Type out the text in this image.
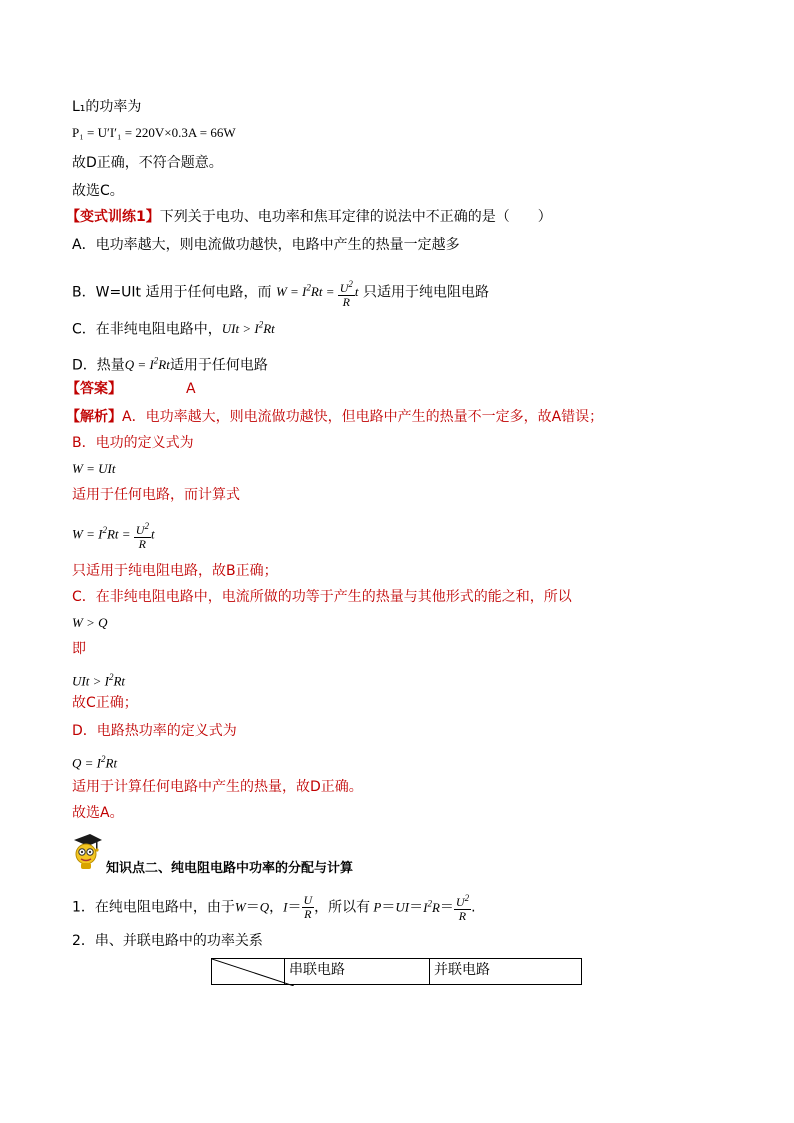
L₁的功率为
P₁ = U′I′₁ = 220V×0.3A = 66W
故D正确，不符合题意。
故选C。
【变式训练1】下列关于电功、电功率和焦耳定律的说法中不正确的是（　　）
A．电功率越大，则电流做功越快，电路中产生的热量一定越多
B．W=UIt 适用于任何电路，而 $W = I^2Rt = \frac{U^2}{R}$ t 只适用于纯电阻电路
C．在非纯电阻电路中，UIt > $I^2Rt$
D．热量$Q = I^2Rt$适用于任何电路
【答案】	A
【解析】A．电功率越大，则电流做功越快，但电路中产生的热量不一定多，故A错误；
B．电功的定义式为
W = UIt
适用于任何电路，而计算式
$W = I^2Rt = \frac{U^2}{R}$ t
只适用于纯电阻电路，故B正确；
C．在非纯电阻电路中，电流所做的功等于产生的热量与其他形式的能之和，所以
W > Q
即
UIt > $I^2Rt$
故C正确；
D．电路热功率的定义式为
$Q = I^2Rt$
适用于计算任何电路中产生的热量，故D正确。
故选A。
知识点二、纯电阻电路中功率的分配与计算
1．在纯电阻电路中，由于W＝Q，$I= \frac{U}{R}$ ，所以有 $P=UI=I^2R= \frac{U^2}{R}$ .
2．串、并联电路中的功率关系
	串联电路	并联电路
